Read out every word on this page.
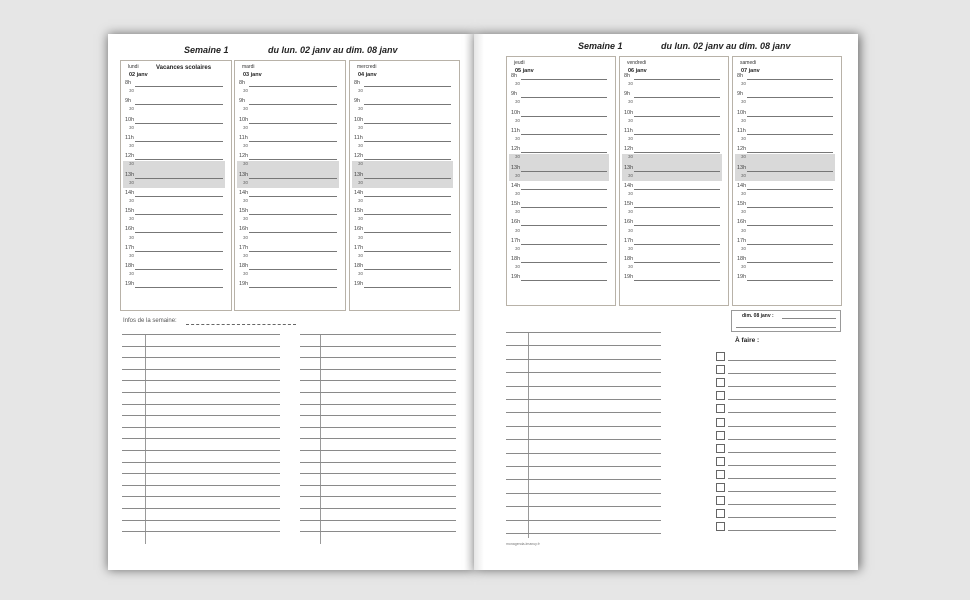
Semaine 1	du lun. 02 janv au dim. 08 janv
lundi
02 janv
Vacances scolaires
8h
30
9h
30
10h
30
11h
30
12h
30
13h
30
14h
30
15h
30
16h
30
17h
30
18h
30
19h
mardi
03 janv
8h
30
9h
30
10h
30
11h
30
12h
30
13h
30
14h
30
15h
30
16h
30
17h
30
18h
30
19h
mercredi
04 janv
8h
30
9h
30
10h
30
11h
30
12h
30
13h
30
14h
30
15h
30
16h
30
17h
30
18h
30
19h
Infos de la semaine:
Semaine 1	du lun. 02 janv au dim. 08 janv
jeudi
05 janv
8h
30
9h
30
10h
30
11h
30
12h
30
13h
30
14h
30
15h
30
16h
30
17h
30
18h
30
19h
vendredi
06 janv
8h
30
9h
30
10h
30
11h
30
12h
30
13h
30
14h
30
15h
30
16h
30
17h
30
18h
30
19h
samedi
07 janv
8h
30
9h
30
10h
30
11h
30
12h
30
13h
30
14h
30
15h
30
16h
30
17h
30
18h
30
19h
dim. 08 janv :
À faire :
monagenda-lmanuy.fr
